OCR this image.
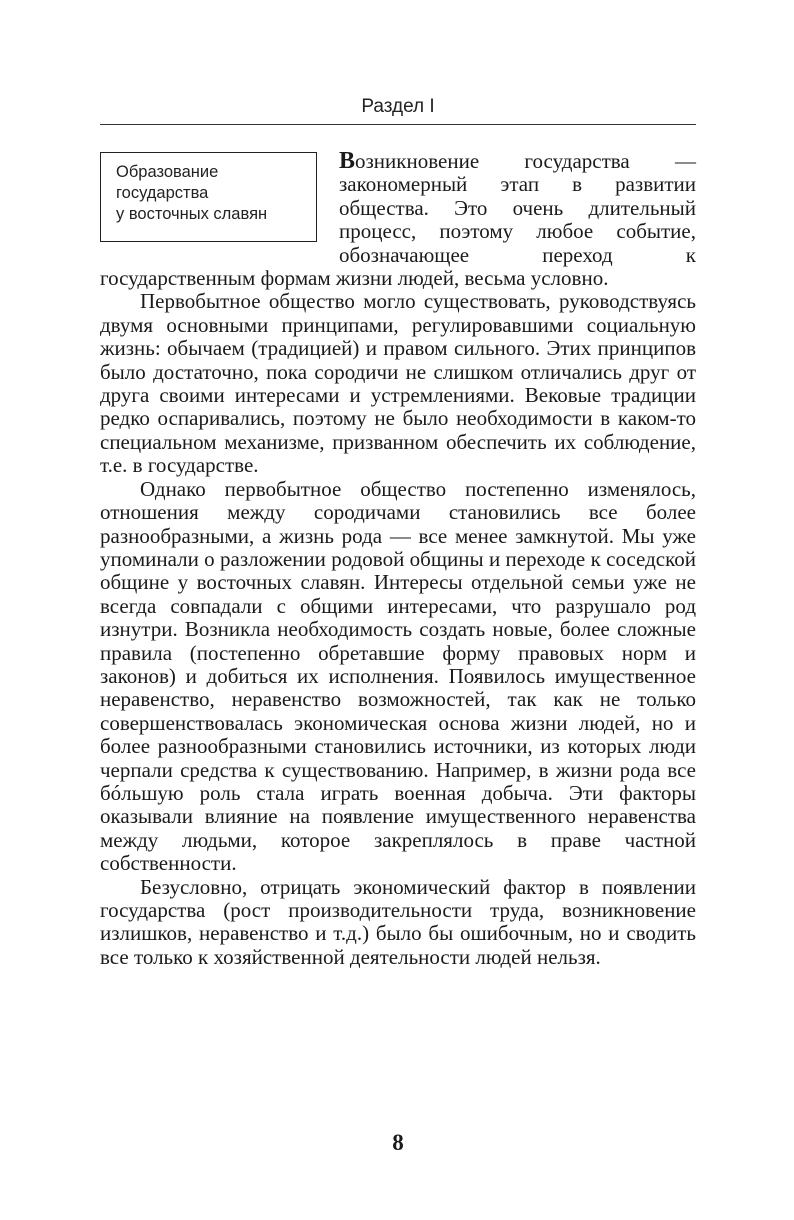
Раздел I

Образование
государства
у восточных славян
Возникновение государства — закономерный этап в развитии общества. Это очень длительный процесс, поэтому любое событие, обозначающее переход к государственным формам жизни людей, весьма условно.

Первобытное общество могло существовать, руководствуясь двумя основными принципами, регулировавшими социальную жизнь: обычаем (традицией) и правом сильного. Этих принципов было достаточно, пока сородичи не слишком отличались друг от друга своими интересами и устремлениями. Вековые традиции редко оспаривались, поэтому не было необходимости в каком-то специальном механизме, призванном обеспечить их соблюдение, т.е. в государстве.

Однако первобытное общество постепенно изменялось, отношения между сородичами становились все более разнообразными, а жизнь рода — все менее замкнутой. Мы уже упоминали о разложении родовой общины и переходе к соседской общине у восточных славян. Интересы отдельной семьи уже не всегда совпадали с общими интересами, что разрушало род изнутри. Возникла необходимость создать новые, более сложные правила (постепенно обретавшие форму правовых норм и законов) и добиться их исполнения. Появилось имущественное неравенство, неравенство возможностей, так как не только совершенствовалась экономическая основа жизни людей, но и более разнообразными становились источники, из которых люди черпали средства к существованию. Например, в жизни рода все бóльшую роль стала играть военная добыча. Эти факторы оказывали влияние на появление имущественного неравенства между людьми, которое закреплялось в праве частной собственности.

Безусловно, отрицать экономический фактор в появлении государства (рост производительности труда, возникновение излишков, неравенство и т.д.) было бы ошибочным, но и сводить все только к хозяйственной деятельности людей нельзя.

8
